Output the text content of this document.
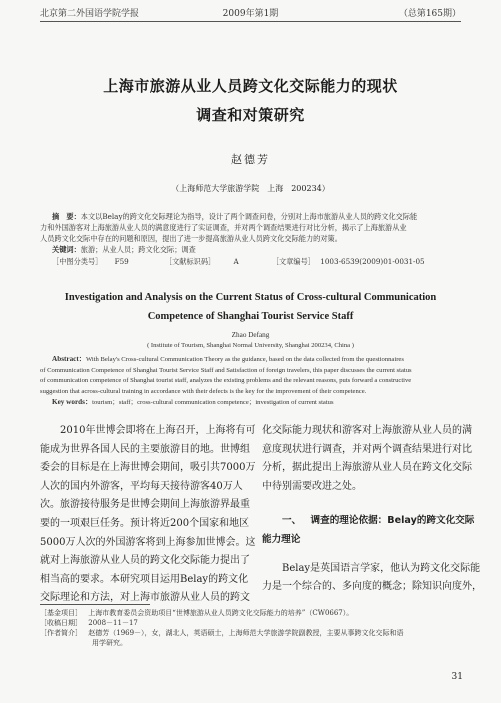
北京第二外国语学院学报	2009年第1期	（总第165期）
上海市旅游从业人员跨文化交际能力的现状
调查和对策研究
赵德芳
（上海师范大学旅游学院　上海　200234）
摘　要：本文以Belay的跨文化交际理论为指导，设计了两个调查问卷，分别对上海市旅游从业人员的跨文化交际能
力和外国游客对上海旅游从业人员的满意度进行了实证调查，并对两个调查结果进行对比分析，揭示了上海旅游从业
人员跨文化交际中存在的问题和原因，提出了进一步提高旅游从业人员跨文化交际能力的对策。
关键词：旅游；从业人员；跨文化交际；调查
［中图分类号］ F59	［文献标识码］	A	［文章编号］ 1003-6539(2009)01-0031-05
Investigation and Analysis on the Current Status of Cross-cultural Communication
Competence of Shanghai Tourist Service Staff
Zhao Defang
( Institute of Tourism, Shanghai Normal University, Shanghai 200234, China )
Abstract：With Belay's Cross-cultural Communication Theory as the guidance, based on the data collected from the questionnaires
of Communication Competence of Shanghai Tourist Service Staff and Satisfaction of foreign travelers, this paper discusses the current status
of communication competence of Shanghai tourist staff, analyzes the existing problems and the relevant reasons, puts forward a constructive
suggestion that across-cultural training in accordance with their defects is the key for the improvement of their competence.
Key words：tourism；staff；cross-cultural communication competence；investigation of current status

2010年世博会即将在上海召开，上海将有可

能成为世界各国人民的主要旅游目的地。世博组

委会的目标是在上海世博会期间，吸引共7000万

人次的国内外游客，平均每天接待游客40万人

次。旅游接待服务是世博会期间上海旅游界最重

要的一项艰巨任务。预计将近200个国家和地区

5000万人次的外国游客将到上海参加世博会。这

就对上海旅游从业人员的跨文化交际能力提出了

相当高的要求。本研究项目运用Belay的跨文化

交际理论和方法，对上海市旅游从业人员的跨文

化交际能力现状和游客对上海旅游从业人员的满

意度现状进行调查，并对两个调查结果进行对比

分析，据此提出上海旅游从业人员在跨文化交际

中待别需要改进之处。

一、 调查的理论依据：Belay的跨文化交际

能力理论

Belay是英国语言学家，他认为跨文化交际能

力是一个综合的、多向度的概念；除知识向度外，

［基金项目］ 上海市教育委员会资助项目“世博旅游从业人员跨文化交际能力的培养”（CW0667）。
［收稿日期］ 2008－11－17
［作者简介］ 赵德芳（1969－），女，湖北人，英语硕士，上海师范大学旅游学院副教授，主要从事跨文化交际和语
用学研究。
31
